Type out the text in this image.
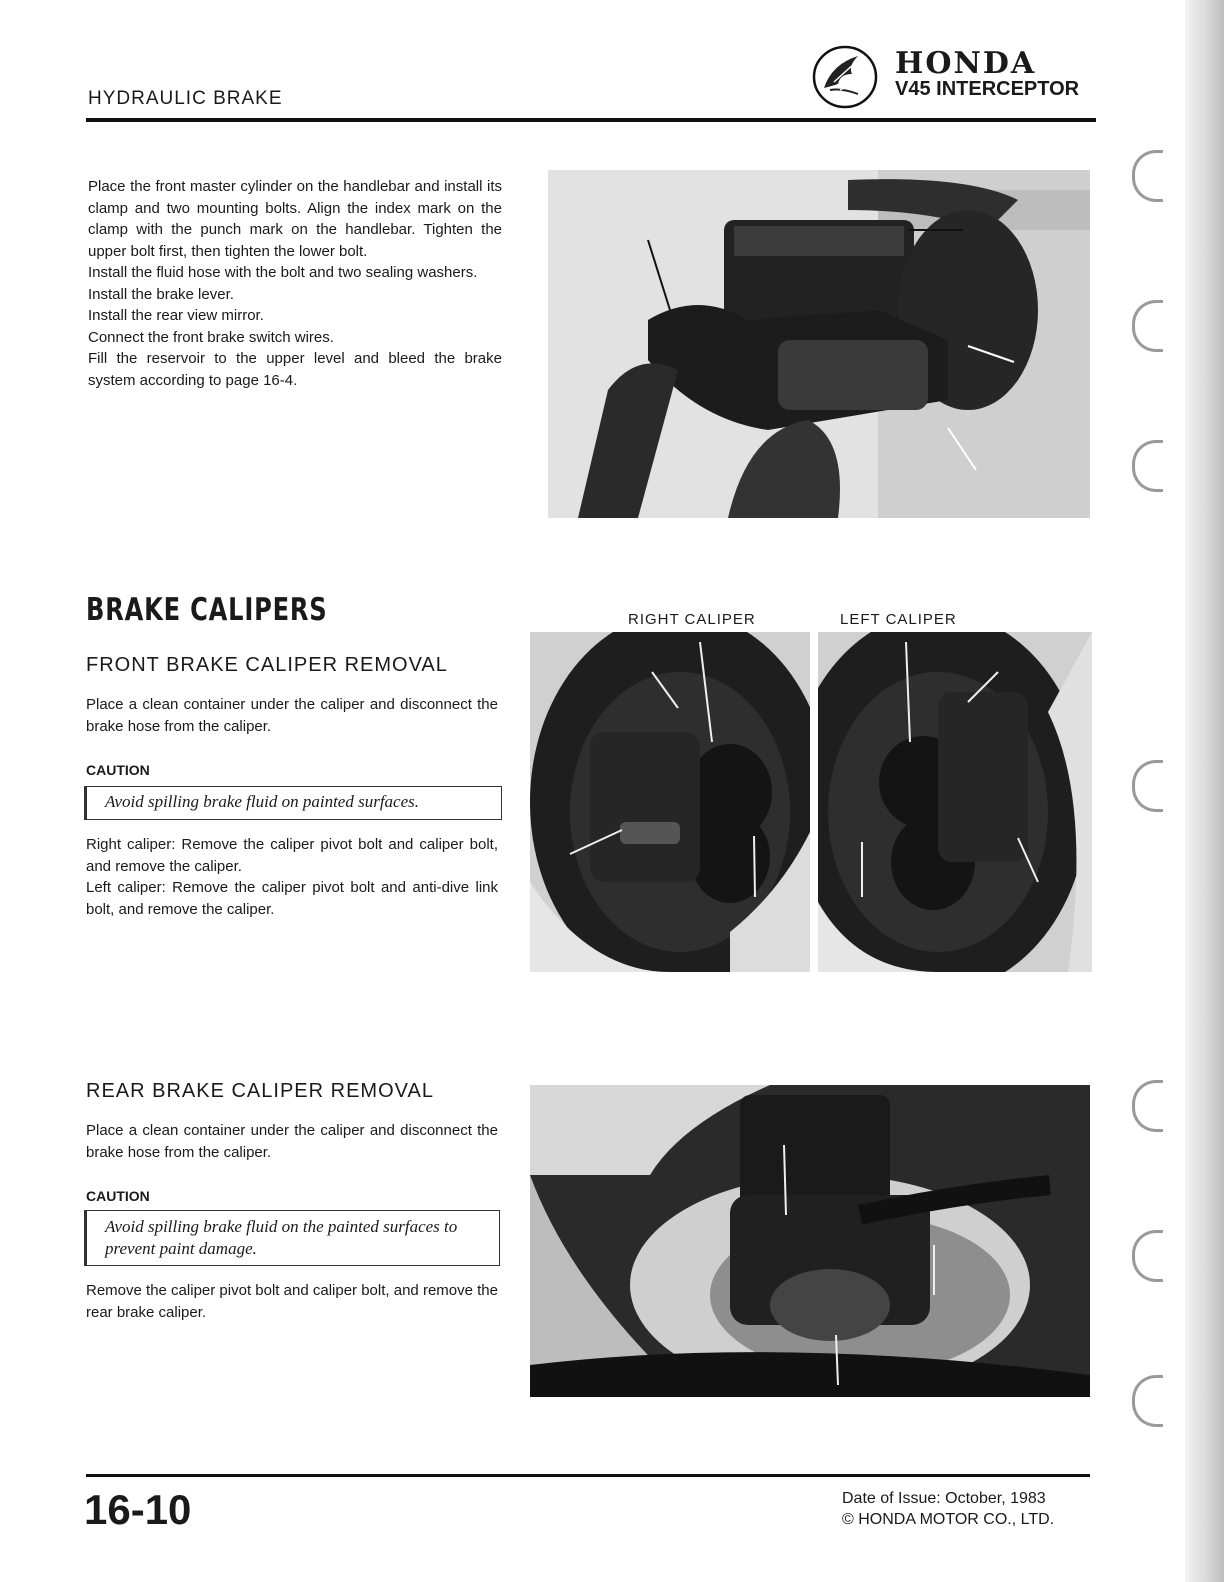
HYDRAULIC BRAKE
HONDA
V45 INTERCEPTOR
Place the front master cylinder on the handlebar and install its clamp and two mounting bolts. Align the index mark on the clamp with the punch mark on the handlebar. Tighten the upper bolt first, then tighten the lower bolt.
Install the fluid hose with the bolt and two sealing washers.
Install the brake lever.
Install the rear view mirror.
Connect the front brake switch wires.
Fill the reservoir to the upper level and bleed the brake system according to page 16-4.
BRAKE CALIPERS
FRONT BRAKE CALIPER REMOVAL
Place a clean container under the caliper and disconnect the brake hose from the caliper.
CAUTION
Avoid spilling brake fluid on painted surfaces.
Right caliper: Remove the caliper pivot bolt and caliper bolt, and remove the caliper.
Left caliper: Remove the caliper pivot bolt and anti-dive link bolt, and remove the caliper.
RIGHT CALIPER	LEFT CALIPER
REAR BRAKE CALIPER REMOVAL
Place a clean container under the caliper and disconnect the brake hose from the caliper.
CAUTION
Avoid spilling brake fluid on the painted surfaces to prevent paint damage.
Remove the caliper pivot bolt and caliper bolt, and remove the rear brake caliper.
16-10	Date of Issue: October, 1983
© HONDA MOTOR CO., LTD.
